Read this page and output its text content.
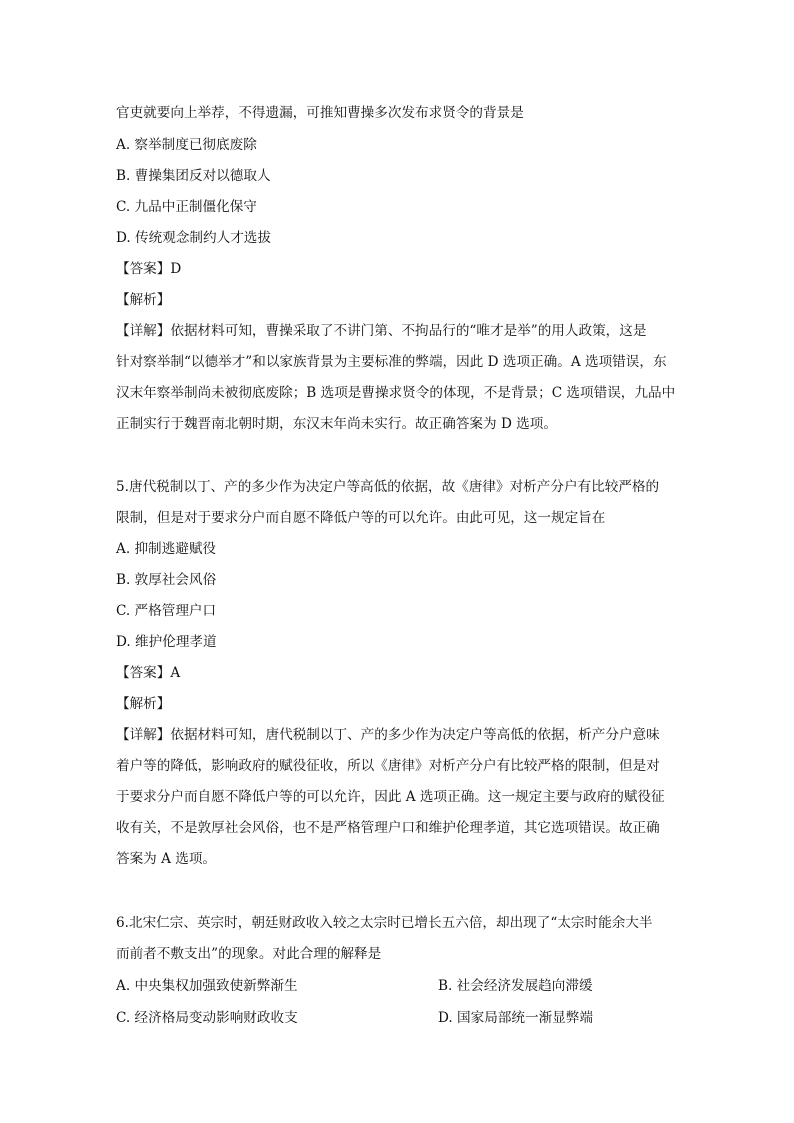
官吏就要向上举荐，不得遗漏，可推知曹操多次发布求贤令的背景是
A. 察举制度已彻底废除
B. 曹操集团反对以德取人
C. 九品中正制僵化保守
D. 传统观念制约人才选拔
【答案】D
【解析】
【详解】依据材料可知，曹操采取了不讲门第、不拘品行的“唯才是举”的用人政策，这是
针对察举制“以德举才”和以家族背景为主要标准的弊端，因此 D 选项正确。A 选项错误，东
汉末年察举制尚未被彻底废除；B 选项是曹操求贤令的体现，不是背景；C 选项错误，九品中
正制实行于魏晋南北朝时期，东汉末年尚未实行。故正确答案为 D 选项。
5.唐代税制以丁、产的多少作为决定户等高低的依据，故《唐律》对析产分户有比较严格的
限制，但是对于要求分户而自愿不降低户等的可以允许。由此可见，这一规定旨在
A. 抑制逃避赋役
B. 敦厚社会风俗
C. 严格管理户口
D. 维护伦理孝道
【答案】A
【解析】
【详解】依据材料可知，唐代税制以丁、产的多少作为决定户等高低的依据，析产分户意味
着户等的降低，影响政府的赋役征收，所以《唐律》对析产分户有比较严格的限制，但是对
于要求分户而自愿不降低户等的可以允许，因此 A 选项正确。这一规定主要与政府的赋役征
收有关，不是敦厚社会风俗，也不是严格管理户口和维护伦理孝道，其它选项错误。故正确
答案为 A 选项。
6.北宋仁宗、英宗时，朝廷财政收入较之太宗时已增长五六倍，却出现了“太宗时能余大半
而前者不敷支出”的现象。对此合理的解释是
A. 中央集权加强致使新弊渐生	B. 社会经济发展趋向滞缓
C. 经济格局变动影响财政收支	D. 国家局部统一渐显弊端
